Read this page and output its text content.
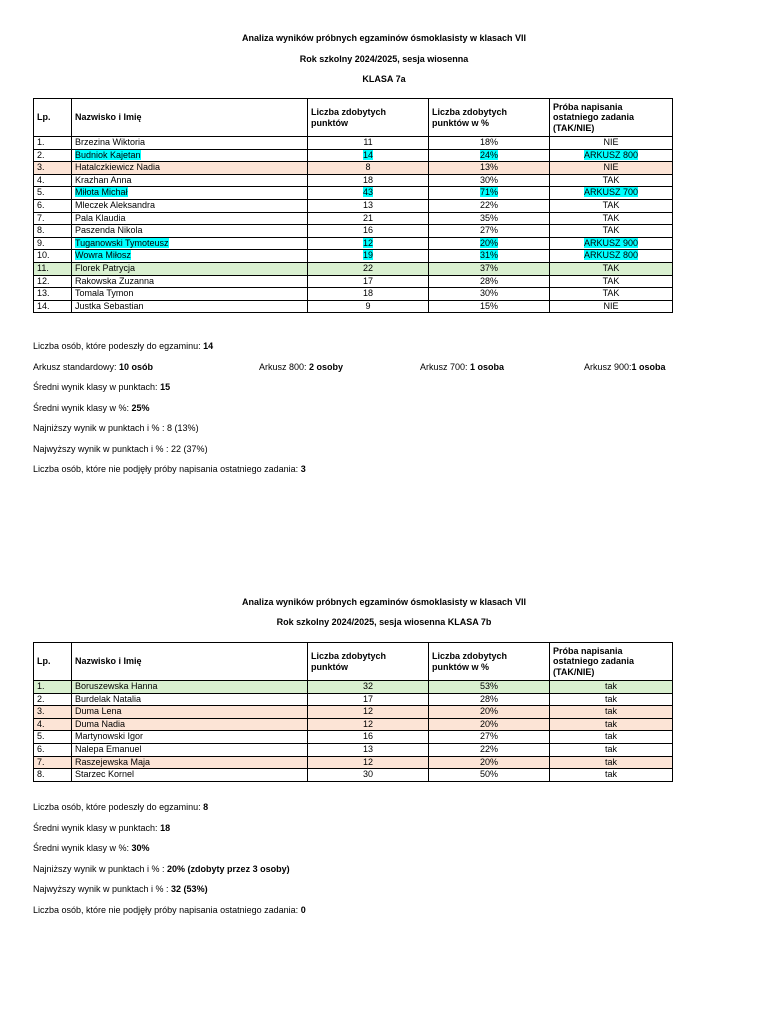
Analiza wyników próbnych egzaminów ósmoklasisty w klasach VII
Rok szkolny 2024/2025, sesja wiosenna
KLASA 7a
Lp.	Nazwisko i Imię	Liczba zdobytych punktów	Liczba zdobytych punktów w %	Próba napisania ostatniego zadania (TAK/NIE)
1.	Brzezina Wiktoria	11	18%	NIE
2.	Budniok Kajetan	14	24%	ARKUSZ 800
3.	Hatalczkiewicz Nadia	8	13%	NIE
4.	Krazhan Anna	18	30%	TAK
5.	Miłota Michał	43	71%	ARKUSZ 700
6.	Mleczek Aleksandra	13	22%	TAK
7.	Pala Klaudia	21	35%	TAK
8.	Paszenda Nikola	16	27%	TAK
9.	Tuganowski Tymoteusz	12	20%	ARKUSZ 900
10.	Wowra Miłosz	19	31%	ARKUSZ 800
11.	Florek Patrycja	22	37%	TAK
12.	Rakowska Zuzanna	17	28%	TAK
13.	Tomala Tymon	18	30%	TAK
14.	Justka Sebastian	9	15%	NIE
Liczba osób, które podeszły do egzaminu: 14
Arkusz standardowy: 10 osób	Arkusz 800: 2 osoby	Arkusz 700: 1 osoba	Arkusz 900:1 osoba
Średni wynik klasy w punktach: 15
Średni wynik klasy w %: 25%
Najniższy wynik w punktach i % : 8 (13%)
Najwyższy wynik w punktach i % : 22 (37%)
Liczba osób, które nie podjęły próby napisania ostatniego zadania: 3
Analiza wyników próbnych egzaminów ósmoklasisty w klasach VII
Rok szkolny 2024/2025, sesja wiosenna KLASA 7b
Lp.	Nazwisko i Imię	Liczba zdobytych punktów	Liczba zdobytych punktów w %	Próba napisania ostatniego zadania (TAK/NIE)
1.	Boruszewska Hanna	32	53%	tak
2.	Burdelak Natalia	17	28%	tak
3.	Duma Lena	12	20%	tak
4.	Duma Nadia	12	20%	tak
5.	Martynowski Igor	16	27%	tak
6.	Nalepa Emanuel	13	22%	tak
7.	Raszejewska Maja	12	20%	tak
8.	Starzec Kornel	30	50%	tak
Liczba osób, które podeszły do egzaminu: 8
Średni wynik klasy w punktach: 18
Średni wynik klasy w %: 30%
Najniższy wynik w punktach i % : 20% (zdobyty przez 3 osoby)
Najwyższy wynik w punktach i % : 32 (53%)
Liczba osób, które nie podjęły próby napisania ostatniego zadania: 0
